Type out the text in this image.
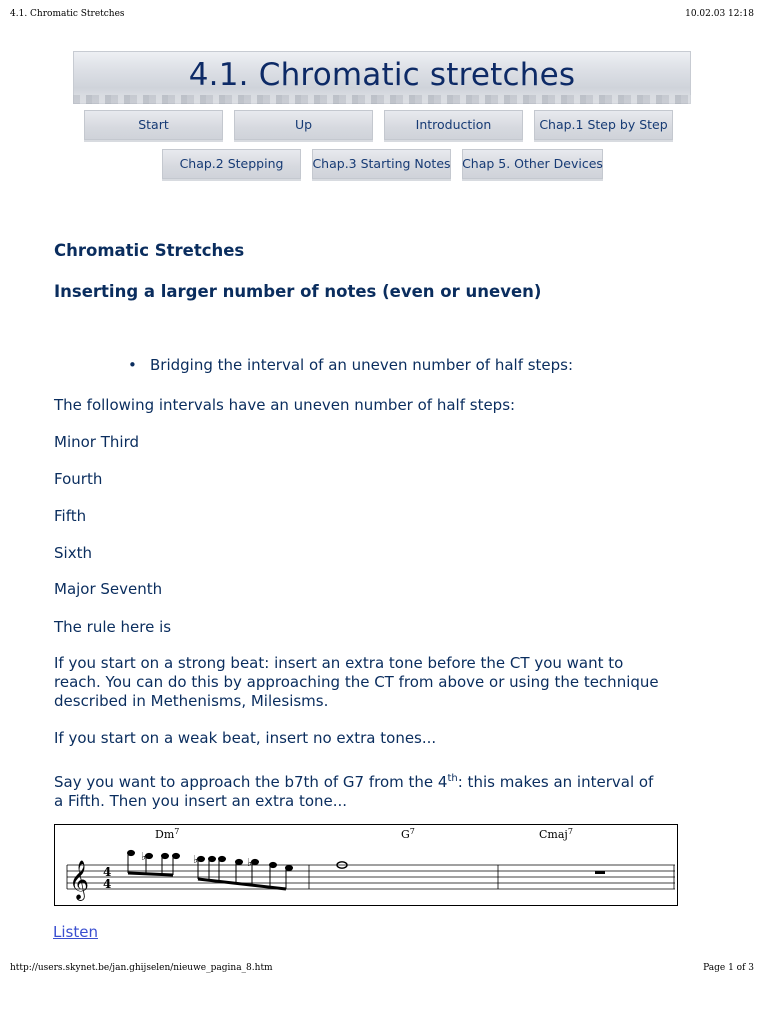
4.1. Chromatic Stretches	10.02.03 12:18
4.1. Chromatic stretches
Start	Up	Introduction	Chap.1 Step by Step
Chap.2 Stepping	Chap.3 Starting Notes Chap 5. Other Devices
Chromatic Stretches
Inserting a larger number of notes (even or uneven)
• Bridging the interval of an uneven number of half steps:

The following intervals have an uneven number of half steps:

Minor Third

Fourth

Fifth

Sixth

Major Seventh

The rule here is

If you start on a strong beat: insert an extra tone before the CT you want to
reach. You can do this by approaching the CT from above or using the technique
described in Methenisms, Milesisms.

If you start on a weak beat, insert no extra tones...

Say you want to approach the b7th of G7 from the 4th: this makes an interval of
a Fifth. Then you insert an extra tone...
Dm$^7$	$G^7$	Cmaj$^7$
𝄞 4
4
♭	♭	♭
Listen
http://users.skynet.be/jan.ghijselen/nieuwe_pagina_8.htm	Page 1 of 3
